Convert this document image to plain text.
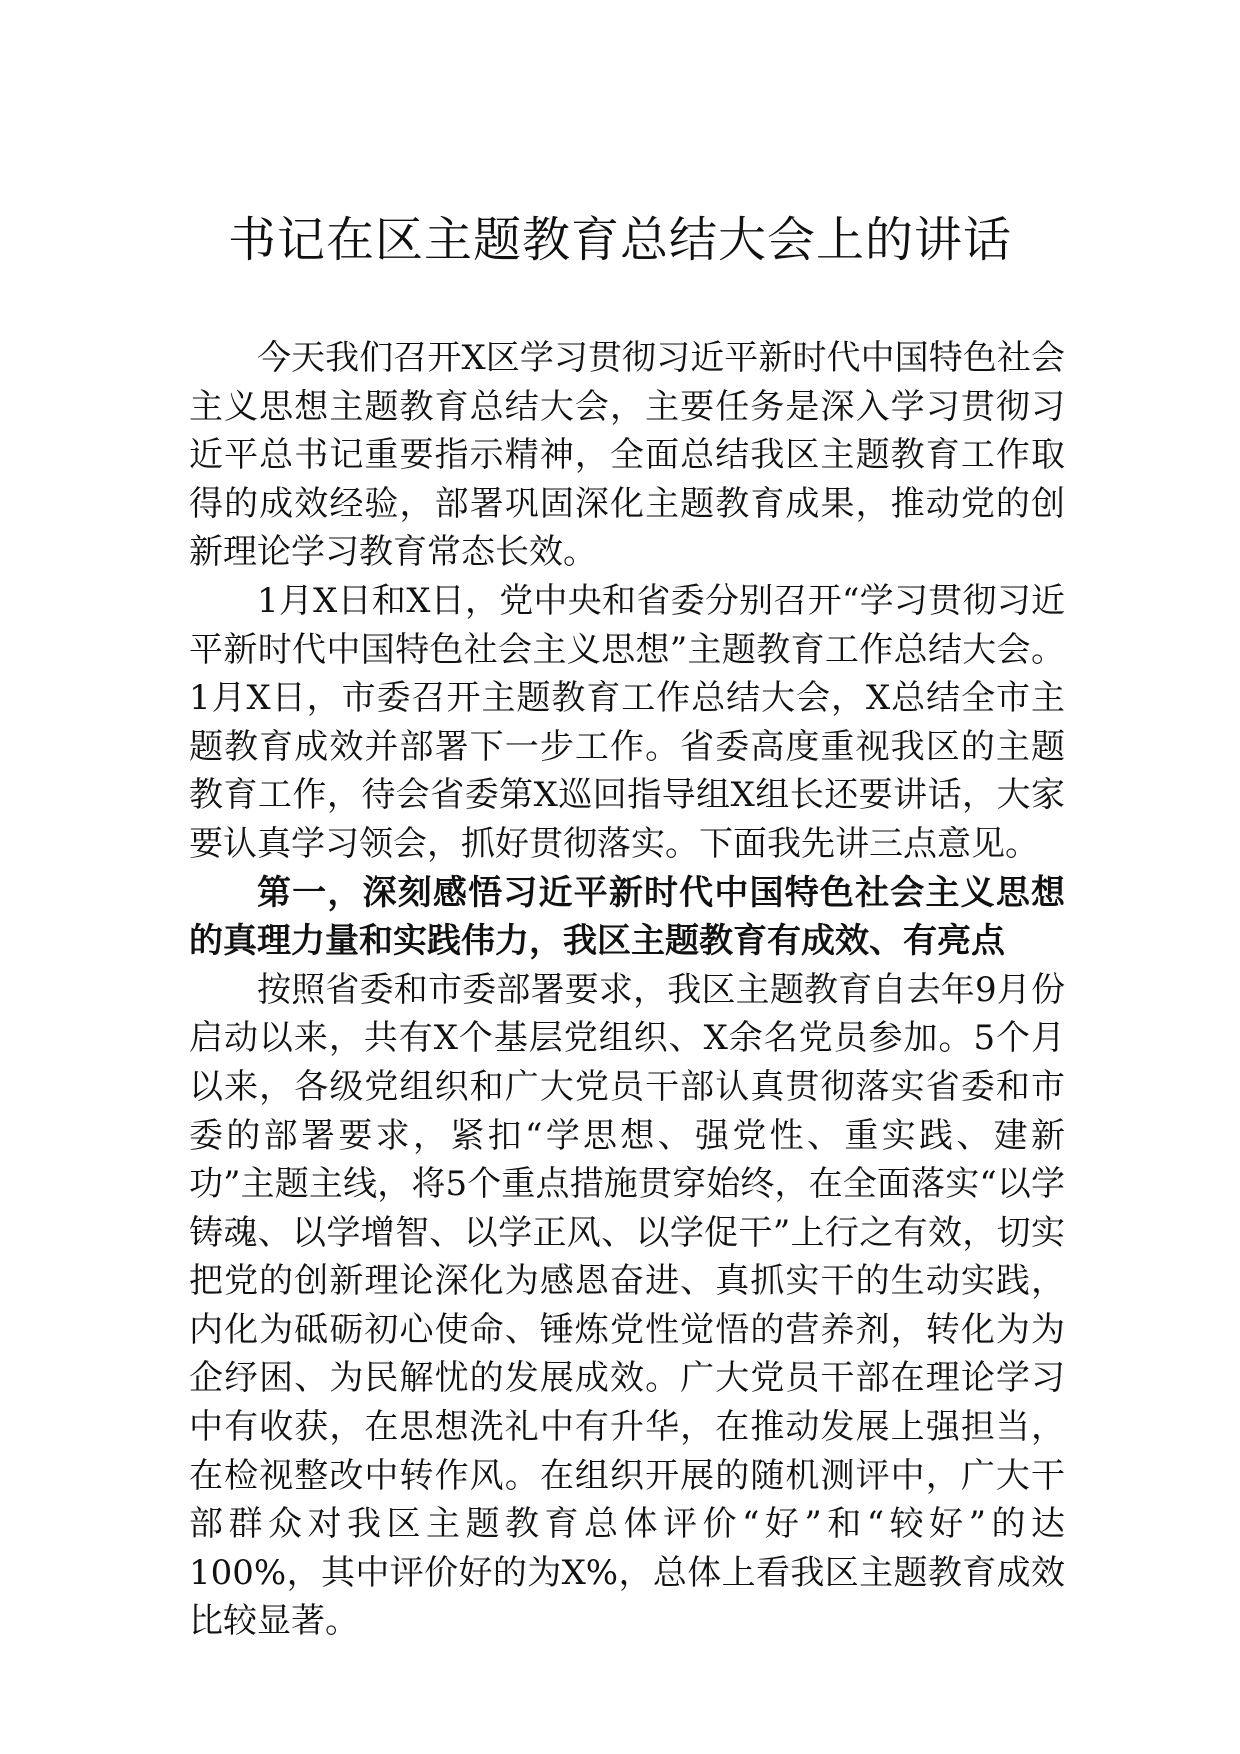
书记在区主题教育总结大会上的讲话

今天我们召开X区学习贯彻习近平新时代中国特色社会主义思想主题教育总结大会，主要任务是深入学习贯彻习近平总书记重要指示精神，全面总结我区主题教育工作取得的成效经验，部署巩固深化主题教育成果，推动党的创新理论学习教育常态长效。

1月X日和X日，党中央和省委分别召开“学习贯彻习近平新时代中国特色社会主义思想”主题教育工作总结大会。1月X日，市委召开主题教育工作总结大会，X总结全市主题教育成效并部署下一步工作。省委高度重视我区的主题教育工作，待会省委第X巡回指导组X组长还要讲话，大家要认真学习领会，抓好贯彻落实。下面我先讲三点意见。

第一，深刻感悟习近平新时代中国特色社会主义思想的真理力量和实践伟力，我区主题教育有成效、有亮点

按照省委和市委部署要求，我区主题教育自去年9月份启动以来，共有X个基层党组织、X余名党员参加。5个月以来，各级党组织和广大党员干部认真贯彻落实省委和市委的部署要求，紧扣“学思想、强党性、重实践、建新功”主题主线，将5个重点措施贯穿始终，在全面落实“以学铸魂、以学增智、以学正风、以学促干”上行之有效，切实把党的创新理论深化为感恩奋进、真抓实干的生动实践，内化为砥砺初心使命、锤炼党性觉悟的营养剂，转化为为企纾困、为民解忧的发展成效。广大党员干部在理论学习中有收获，在思想洗礼中有升华，在推动发展上强担当，在检视整改中转作风。在组织开展的随机测评中，广大干部群众对我区主题教育总体评价“好”和“较好”的达100%，其中评价好的为X%，总体上看我区主题教育成效比较显著。
